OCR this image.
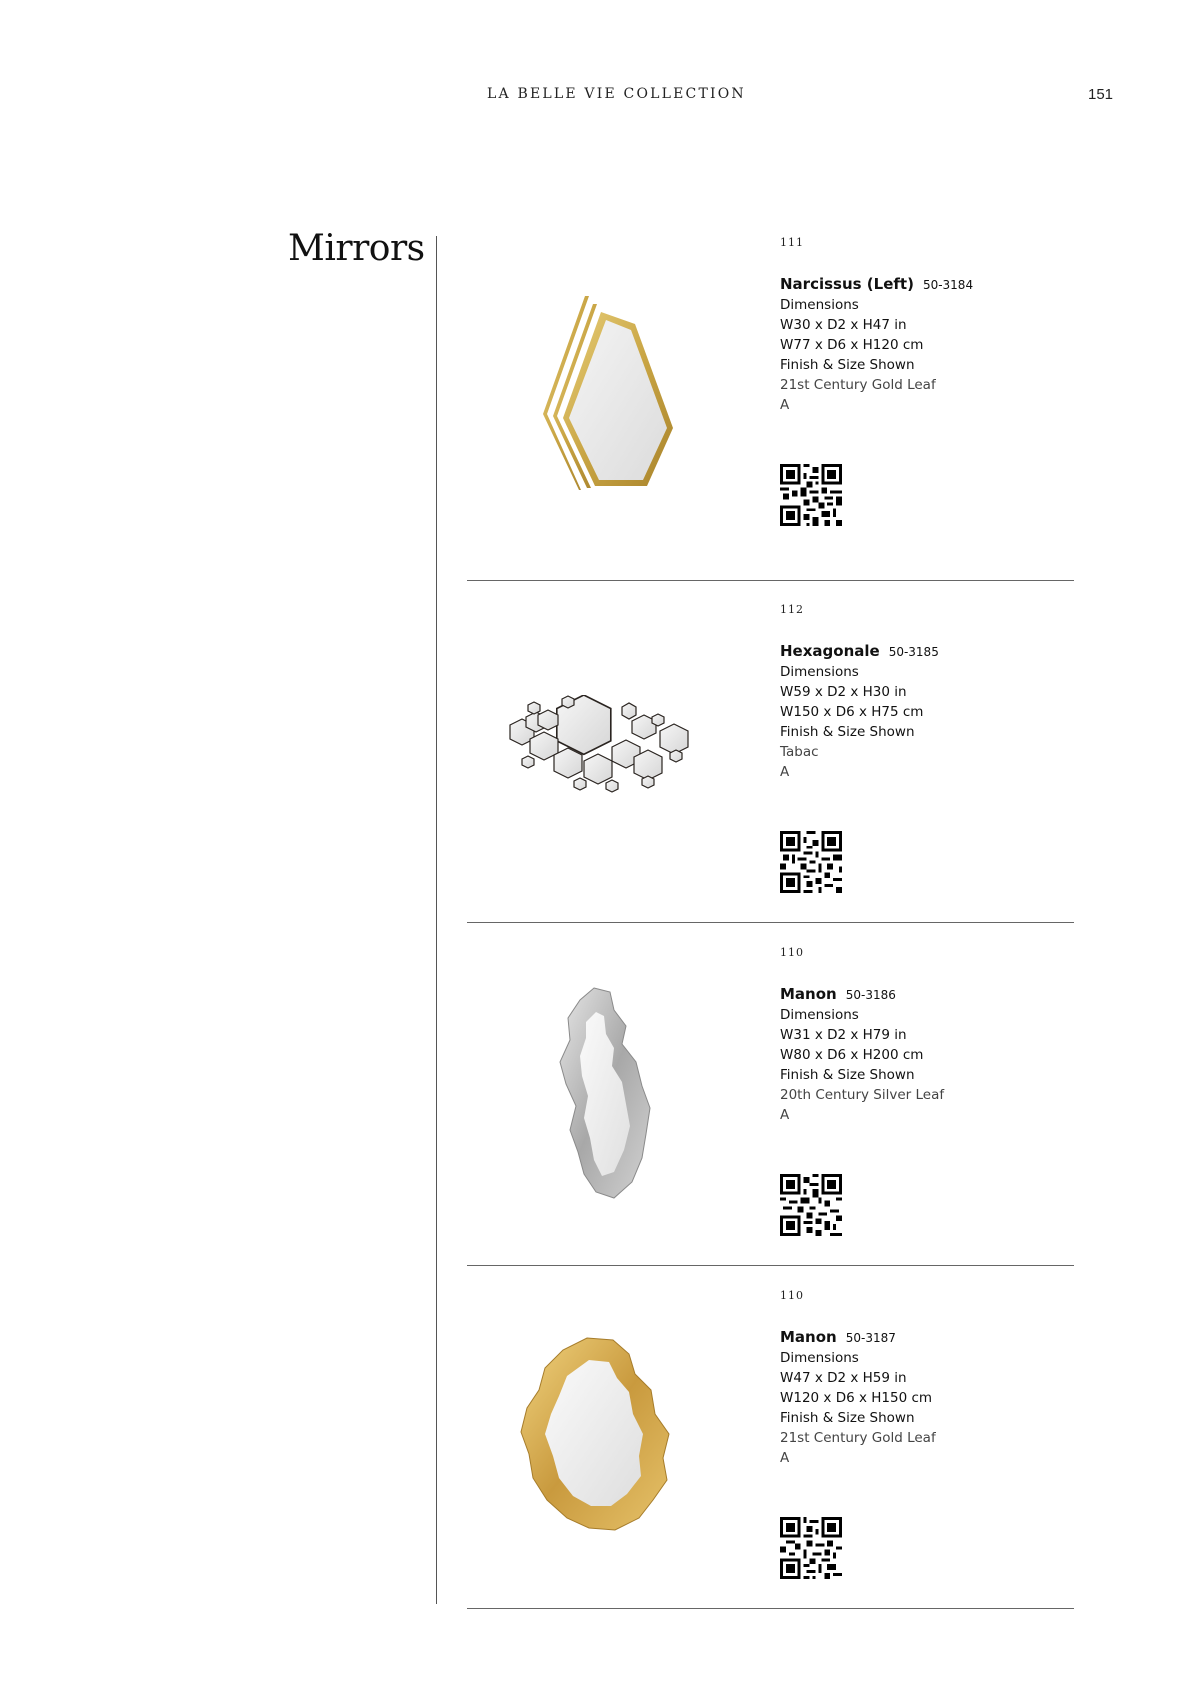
LA BELLE VIE COLLECTION	151
Mirrors	111
Narcissus (Left) 50-3184
Dimensions
W30 x D2 x H47 in
W77 x D6 x H120 cm
Finish & Size Shown
21st Century Gold Leaf
A
112
Hexagonale 50-3185
Dimensions
W59 x D2 x H30 in
W150 x D6 x H75 cm
Finish & Size Shown
Tabac
A
110
Manon 50-3186
Dimensions
W31 x D2 x H79 in
W80 x D6 x H200 cm
Finish & Size Shown
20th Century Silver Leaf
A
110
Manon 50-3187
Dimensions
W47 x D2 x H59 in
W120 x D6 x H150 cm
Finish & Size Shown
21st Century Gold Leaf
A
